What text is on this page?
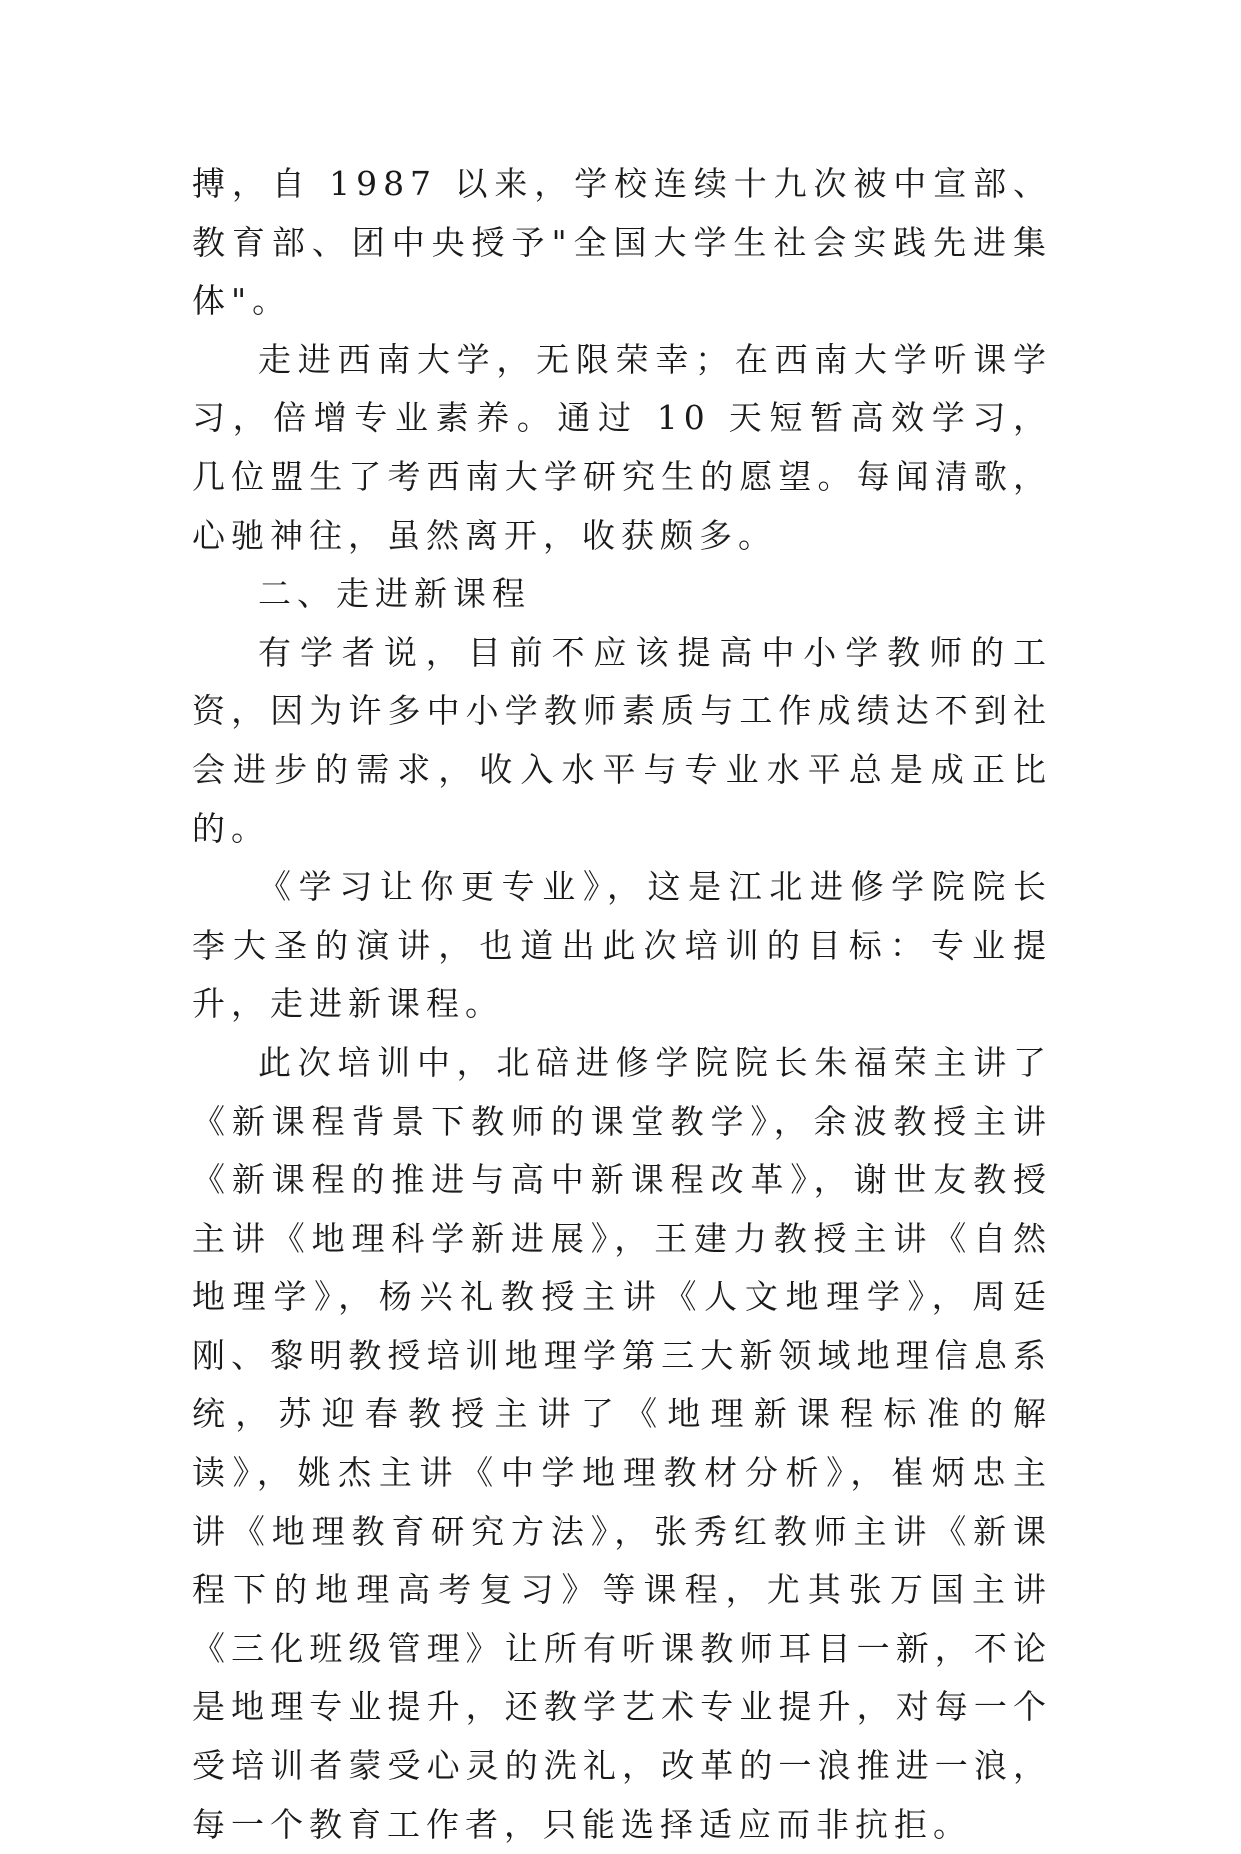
搏，自 1987 以来，学校连续十九次被中宣部、教育部、团中央授予"全国大学生社会实践先进集体"。

走进西南大学，无限荣幸；在西南大学听课学习，倍增专业素养。通过 10 天短暂高效学习，几位盟生了考西南大学研究生的愿望。每闻清歌，心驰神往，虽然离开，收获颇多。

二、走进新课程

有学者说，目前不应该提高中小学教师的工资，因为许多中小学教师素质与工作成绩达不到社会进步的需求，收入水平与专业水平总是成正比的。

《学习让你更专业》，这是江北进修学院院长李大圣的演讲，也道出此次培训的目标：专业提升，走进新课程。

此次培训中，北碚进修学院院长朱福荣主讲了《新课程背景下教师的课堂教学》，余波教授主讲《新课程的推进与高中新课程改革》，谢世友教授主讲《地理科学新进展》，王建力教授主讲《自然地理学》，杨兴礼教授主讲《人文地理学》，周廷刚、黎明教授培训地理学第三大新领域地理信息系统，苏迎春教授主讲了《地理新课程标准的解读》，姚杰主讲《中学地理教材分析》，崔炳忠主讲《地理教育研究方法》，张秀红教师主讲《新课程下的地理高考复习》等课程，尤其张万国主讲《三化班级管理》让所有听课教师耳目一新，不论是地理专业提升，还教学艺术专业提升，对每一个受培训者蒙受心灵的洗礼，改革的一浪推进一浪，每一个教育工作者，只能选择适应而非抗拒。
